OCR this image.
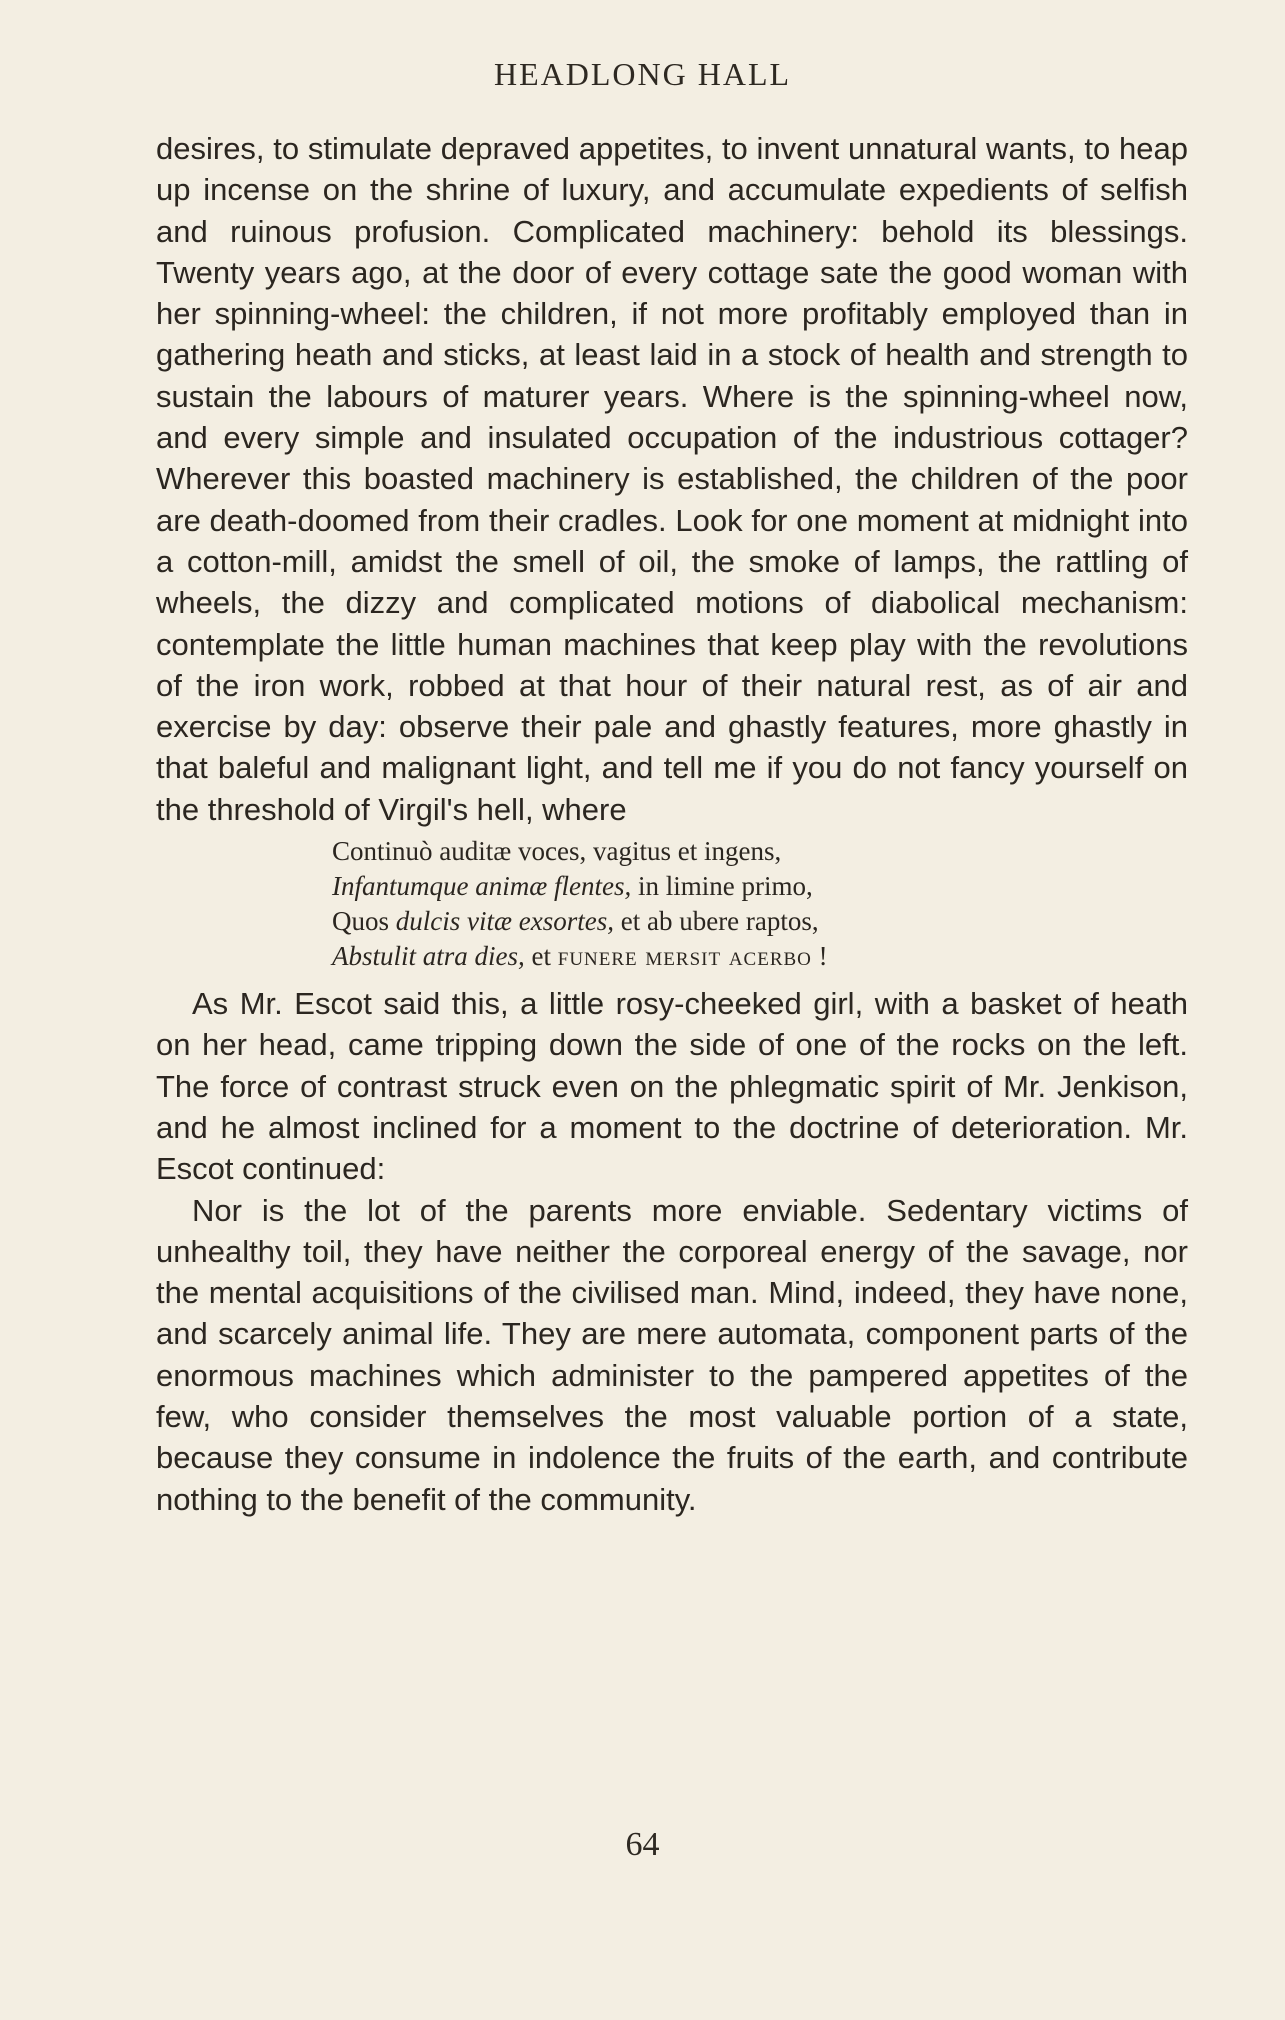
HEADLONG HALL

desires, to stimulate depraved appetites, to invent unnatural wants, to heap up incense on the shrine of luxury, and accumulate expedients of selfish and ruinous profusion. Complicated machinery: behold its blessings. Twenty years ago, at the door of every cottage sate the good woman with her spinning-wheel: the children, if not more profitably employed than in gathering heath and sticks, at least laid in a stock of health and strength to sustain the labours of maturer years. Where is the spinning-wheel now, and every simple and insulated occupation of the industrious cottager? Wherever this boasted machinery is established, the children of the poor are death-doomed from their cradles. Look for one moment at midnight into a cotton-mill, amidst the smell of oil, the smoke of lamps, the rattling of wheels, the dizzy and complicated motions of diabolical mechanism: contemplate the little human machines that keep play with the revolutions of the iron work, robbed at that hour of their natural rest, as of air and exercise by day: observe their pale and ghastly features, more ghastly in that baleful and malignant light, and tell me if you do not fancy yourself on the threshold of Virgil's hell, where

Continuò auditæ voces, vagitus et ingens,
Infantumque animæ flentes, in limine primo,
Quos dulcis vitæ exsortes, et ab ubere raptos,
Abstulit atra dies, et funere mersit acerbo !

As Mr. Escot said this, a little rosy-cheeked girl, with a basket of heath on her head, came tripping down the side of one of the rocks on the left. The force of contrast struck even on the phlegmatic spirit of Mr. Jenkison, and he almost inclined for a moment to the doctrine of deterioration. Mr. Escot continued:

Nor is the lot of the parents more enviable. Sedentary victims of unhealthy toil, they have neither the corporeal energy of the savage, nor the mental acquisitions of the civilised man. Mind, indeed, they have none, and scarcely animal life. They are mere automata, component parts of the enormous machines which administer to the pampered appetites of the few, who consider themselves the most valuable portion of a state, because they consume in indolence the fruits of the earth, and contribute nothing to the benefit of the community.

64
